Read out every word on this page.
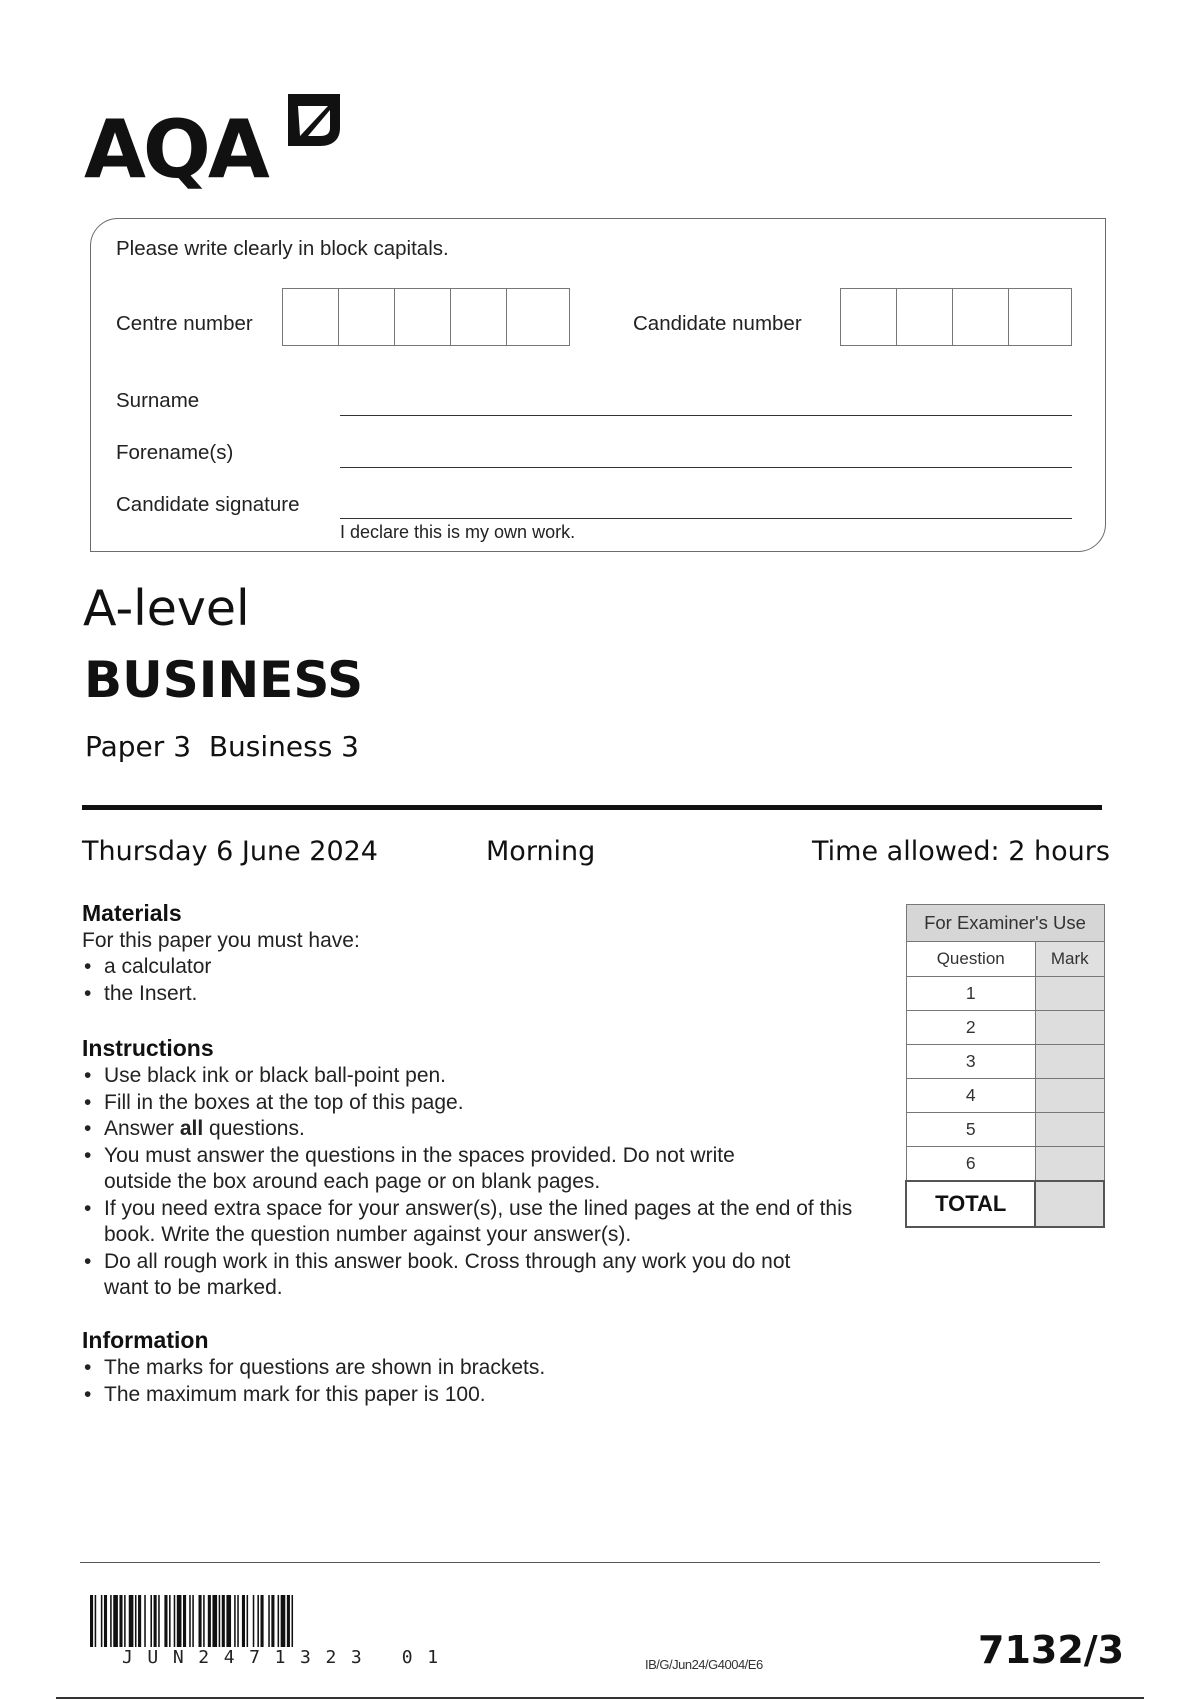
AQA
Please write clearly in block capitals.
Centre number	Candidate number
Surname
Forename(s)
Candidate signature
I declare this is my own work.
A-level
BUSINESS
Paper 3  Business 3
Thursday 6 June 2024	Morning	Time allowed: 2 hours
Materials
For this paper you must have:
• a calculator
• the Insert.
Instructions
• Use black ink or black ball-point pen.
• Fill in the boxes at the top of this page.
• Answer all questions.
• You must answer the questions in the spaces provided. Do not write outside the box around each page or on blank pages.
• If you need extra space for your answer(s), use the lined pages at the end of this book. Write the question number against your answer(s).
• Do all rough work in this answer book. Cross through any work you do not want to be marked.
Information
• The marks for questions are shown in brackets.
• The maximum mark for this paper is 100.
For Examiner's Use	
Question	Mark
1	
2	
3	
4	
5	
6	
TOTAL	
JUN2471323 01	IB/G/Jun24/G4004/E6	7132/3
